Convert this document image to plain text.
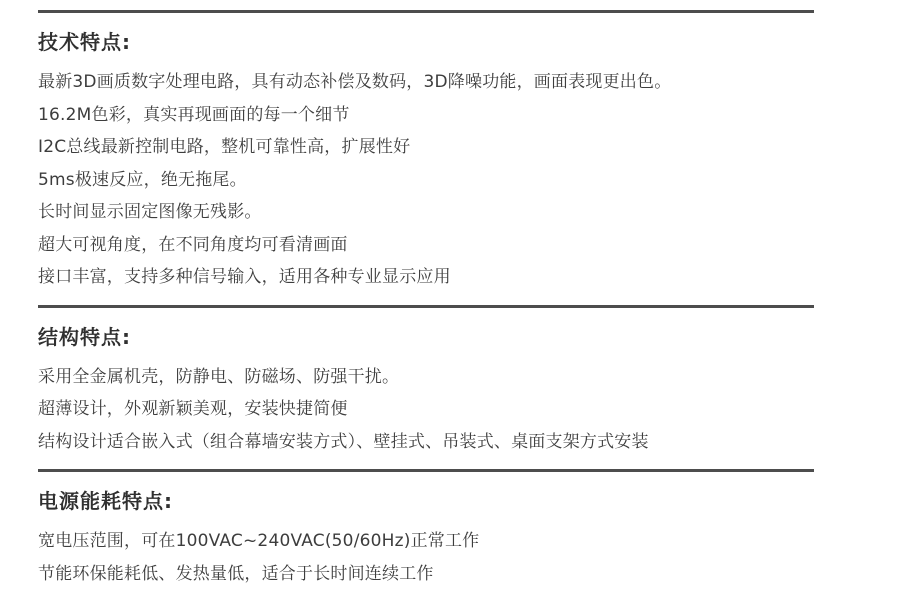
技术特点:

最新3D画质数字处理电路，具有动态补偿及数码，3D降噪功能，画面表现更出色。

16.2M色彩，真实再现画面的每一个细节

I2C总线最新控制电路，整机可靠性高，扩展性好

5ms极速反应，绝无拖尾。

长时间显示固定图像无残影。

超大可视角度，在不同角度均可看清画面

接口丰富，支持多种信号输入，适用各种专业显示应用

结构特点:

采用全金属机壳，防静电、防磁场、防强干扰。

超薄设计，外观新颖美观，安装快捷简便

结构设计适合嵌入式（组合幕墙安装方式）、壁挂式、吊装式、桌面支架方式安装

电源能耗特点:

宽电压范围，可在100VAC~240VAC(50/60Hz)正常工作

节能环保能耗低、发热量低，适合于长时间连续工作
